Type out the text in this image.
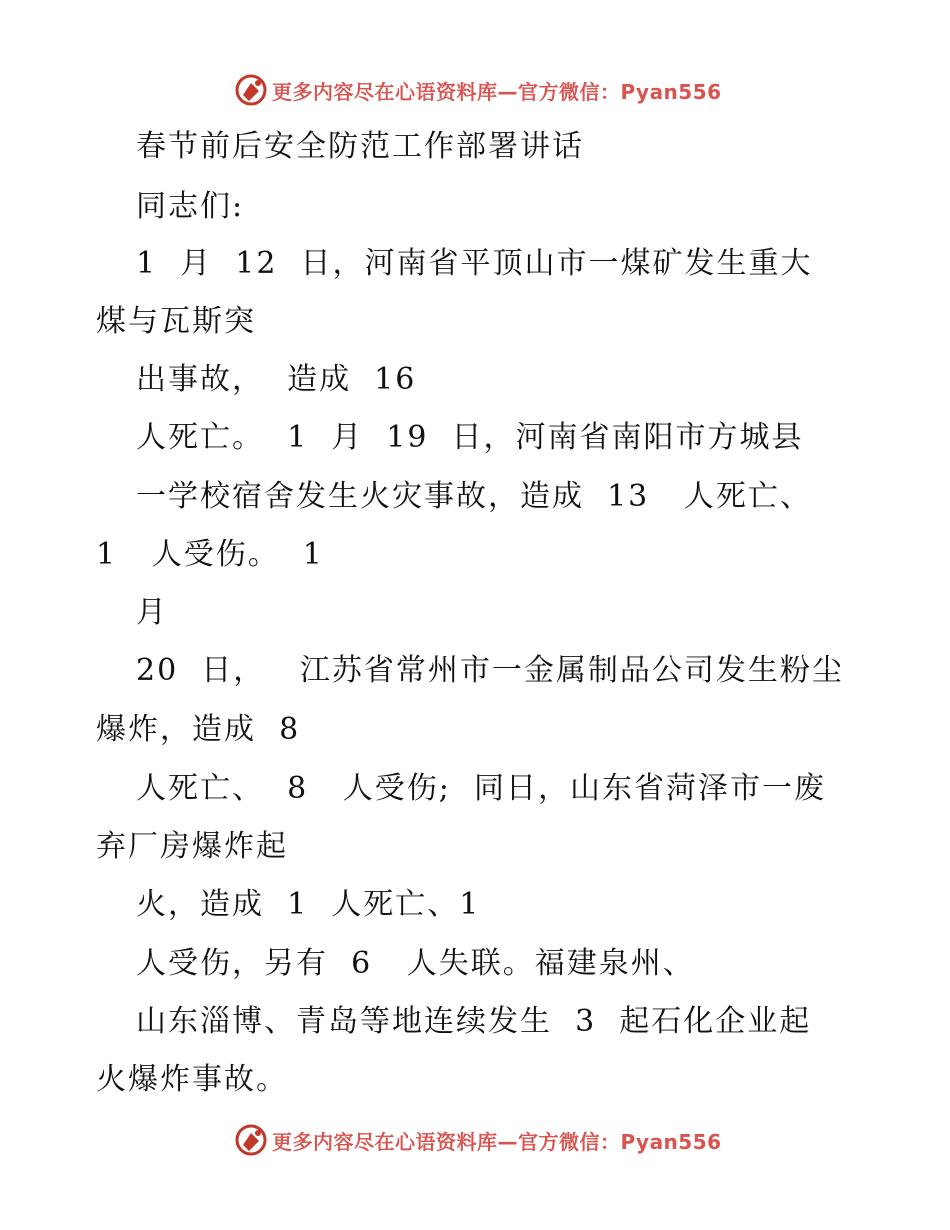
更多内容尽在心语资料库—官方微信：Pyan556
春节前后安全防范工作部署讲话
同志们:
1  月  12  日，河南省平顶山市一煤矿发生重大
煤与瓦斯突
出事故，  造成  16
人死亡。  1  月  19  日，河南省南阳市方城县
一学校宿舍发生火灾事故，造成  13   人死亡、
1   人受伤。  1
月
20  日，   江苏省常州市一金属制品公司发生粉尘
爆炸，造成  8
人死亡、  8   人受伤;  同日，山东省菏泽市一废
弃厂房爆炸起
火，造成  1  人死亡、1
人受伤，另有  6   人失联。福建泉州、
山东淄博、青岛等地连续发生  3  起石化企业起
火爆炸事故。
更多内容尽在心语资料库—官方微信：Pyan556
